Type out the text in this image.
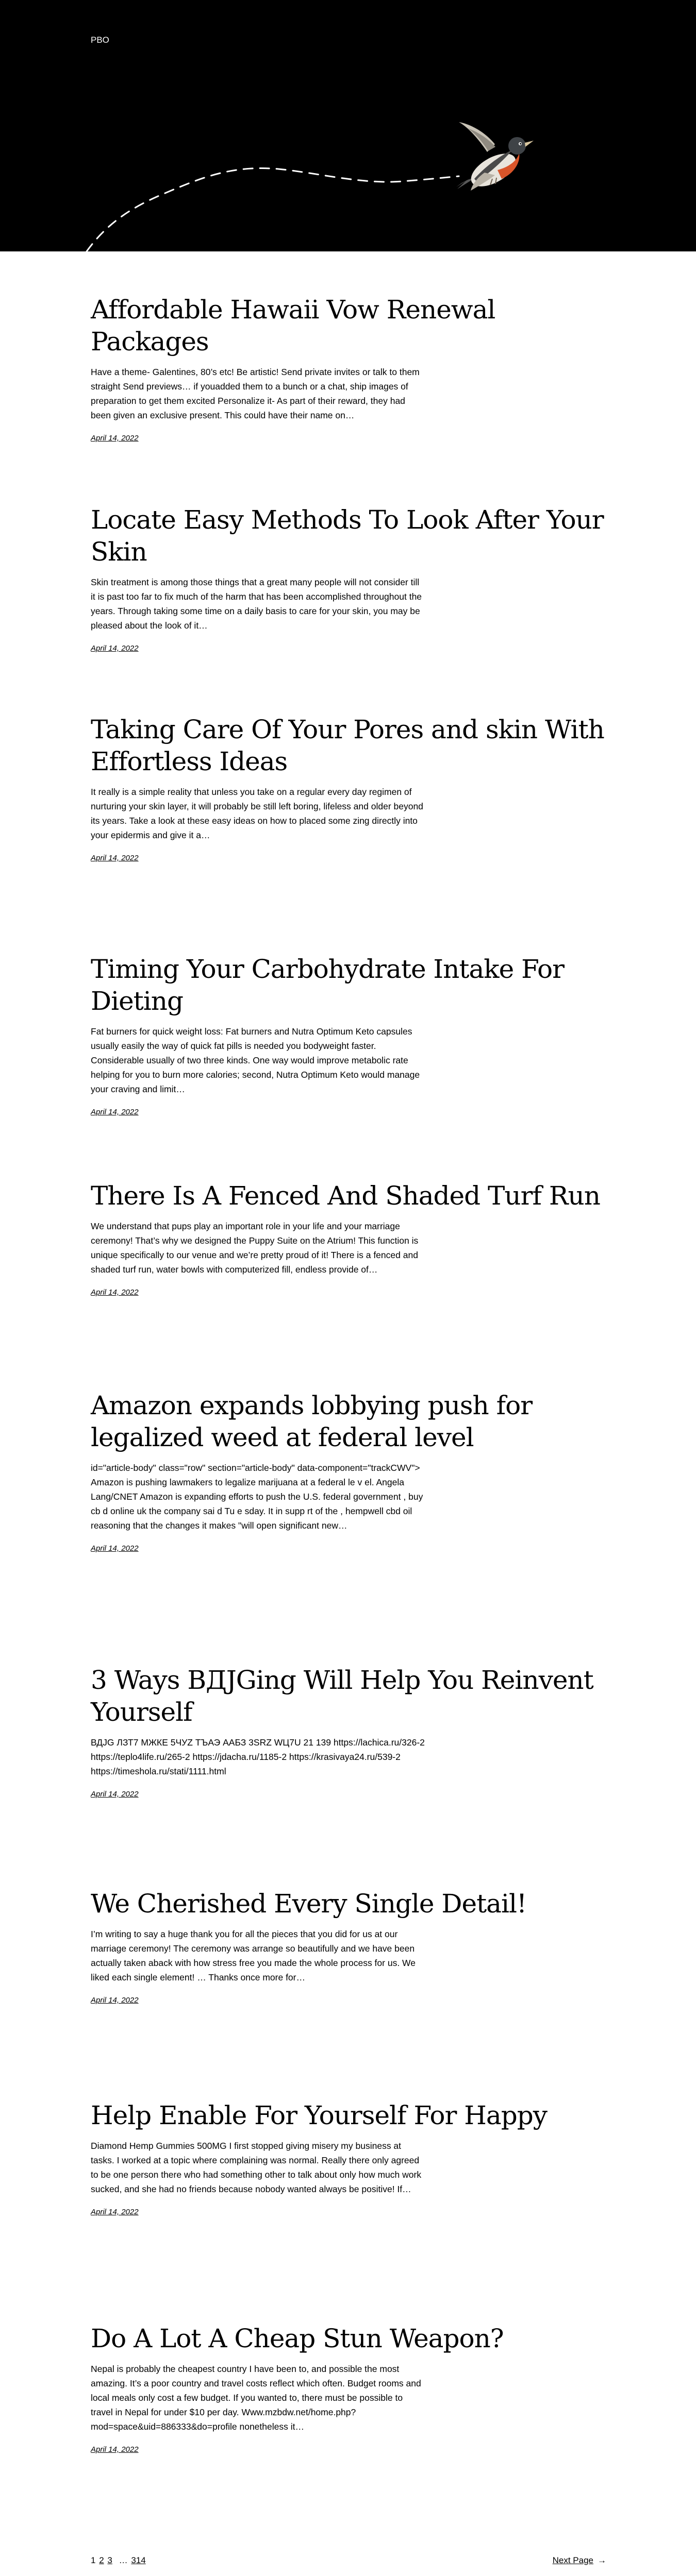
PBO
Affordable Hawaii Vow Renewal Packages

Have a theme- Galentines, 80’s etc! Be artistic! Send private invites or talk to them straight Send previews… if youadded them to a bunch or a chat, ship images of preparation to get them excited Personalize it- As part of their reward, they had been given an exclusive present. This could have their name on…

April 14, 2022
Locate Easy Methods To Look After Your Skin

Skin treatment is among those things that a great many people will not consider till it is past too far to fix much of the harm that has been accomplished throughout the years. Through taking some time on a daily basis to care for your skin, you may be pleased about the look of it…

April 14, 2022
Taking Care Of Your Pores and skin With Effortless Ideas

It really is a simple reality that unless you take on a regular every day regimen of nurturing your skin layer, it will probably be still left boring, lifeless and older beyond its years. Take a look at these easy ideas on how to placed some zing directly into your epidermis and give it a…

April 14, 2022
Timing Your Carbohydrate Intake For Dieting

Fat burners for quick weight loss: Fat burners and Nutra Optimum Keto capsules usually easily the way of quick fat pills is needed you bodyweight faster. Considerable usually of two three kinds. One way would improve metabolic rate helping for you to burn more calories; second, Nutra Optimum Keto would manage your craving and limit…

April 14, 2022
There Is A Fenced And Shaded Turf Run

We understand that pups play an important role in your life and your marriage ceremony! That’s why we designed the Puppy Suite on the Atrium! This function is unique specifically to our venue and we’re pretty proud of it! There is a fenced and shaded turf run, water bowls with computerized fill, endless provide of…

April 14, 2022
Amazon expands lobbying push for legalized weed at federal level

id="article-body" class="row" section="article-body" data-component="trackCWV"> Amazon is pushing lawmakers to legalize marijuana at a federal le v el. Angela Lang/CNET Amazon is expanding efforts to push the U.S. federal government , buy cb d online uk the company sai d Tu e sday. It in supp rt of the , hempwell cbd oil reasoning that the changes it makes "will open significant new…

April 14, 2022
3 Ways ВДЈGing Will Help You Reinvent Yourself

ВДЈG ЛЗТ7 МЖКЕ 5ЧУZ ТЪАЭ ААБЗ 3SRZ WЦ7U 21 139 https://lachica.ru/326-2 https://teplo4life.ru/265-2 https://jdacha.ru/1185-2 https://krasivaya24.ru/539-2 https://timeshola.ru/stati/1111.html

April 14, 2022
We Cherished Every Single Detail!

I’m writing to say a huge thank you for all the pieces that you did for us at our marriage ceremony! The ceremony was arrange so beautifully and we have been actually taken aback with how stress free you made the whole process for us. We liked each single element! … Thanks once more for…

April 14, 2022
Help Enable For Yourself For Happy

Diamond Hemp Gummies 500MG I first stopped giving misery my business at tasks. I worked at a topic where complaining was normal. Really there only agreed to be one person there who had something other to talk about only how much work sucked, and she had no friends because nobody wanted always be positive! If…

April 14, 2022
Do A Lot A Cheap Stun Weapon?

Nepal is probably the cheapest country I have been to, and possible the most amazing. It’s a poor country and travel costs reflect which often. Budget rooms and local meals only cost a few budget. If you wanted to, there must be possible to travel in Nepal for under $10 per day. Www.mzbdw.net/home.php?mod=space&uid=886333&do=profile nonetheless it…

April 14, 2022
1 2 3 … 314	Next Page →
